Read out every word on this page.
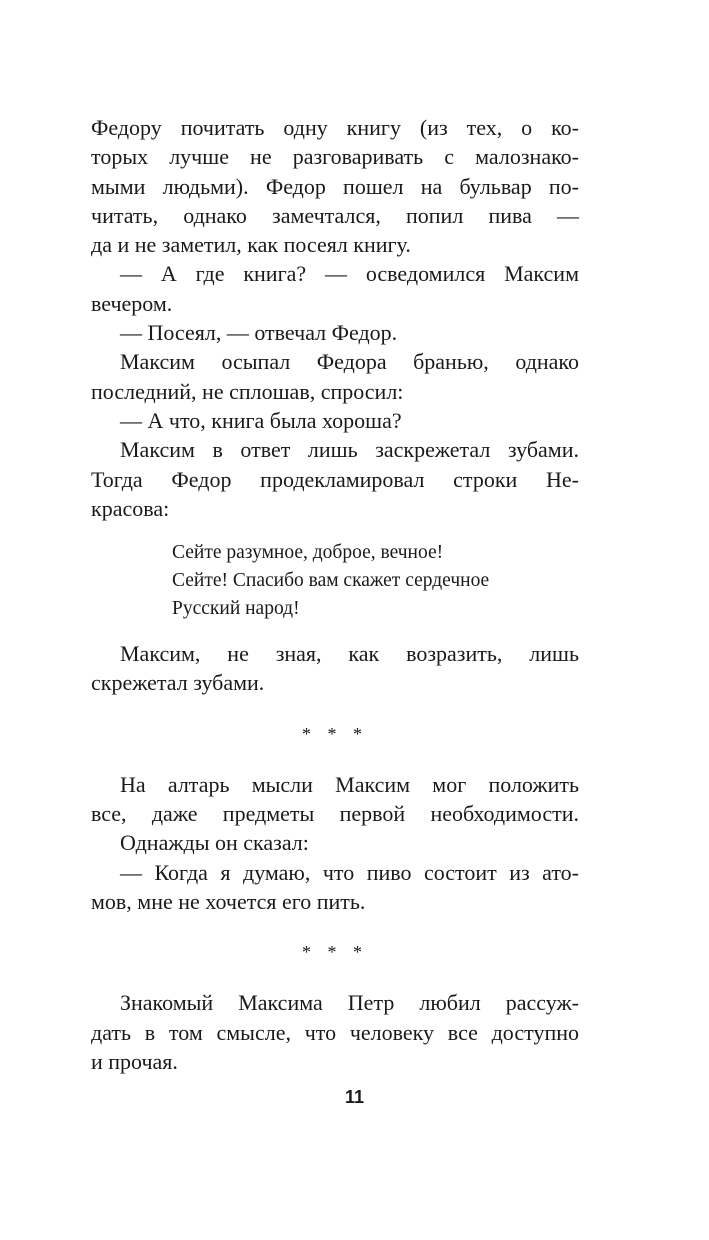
Федору почитать одну книгу (из тех, о ко-

торых лучше не разговаривать с малознако-

мыми людьми). Федор пошел на бульвар по-

читать, однако замечтался, попил пива —

да и не заметил, как посеял книгу.

— А где книга? — осведомился Максим

вечером.

— Посеял, — отвечал Федор.

Максим осыпал Федора бранью, однако

последний, не сплошав, спросил:

— А что, книга была хороша?

Максим в ответ лишь заскрежетал зубами.

Тогда Федор продекламировал строки Не-

красова:

Сейте разумное, доброе, вечное!
Сейте! Спасибо вам скажет сердечное
Русский народ!

Максим, не зная, как возразить, лишь

скрежетал зубами.

* * *

На алтарь мысли Максим мог положить

все, даже предметы первой необходимости.

Однажды он сказал:

— Когда я думаю, что пиво состоит из ато-

мов, мне не хочется его пить.

* * *

Знакомый Максима Петр любил рассуж-

дать в том смысле, что человеку все доступно

и прочая.

11
